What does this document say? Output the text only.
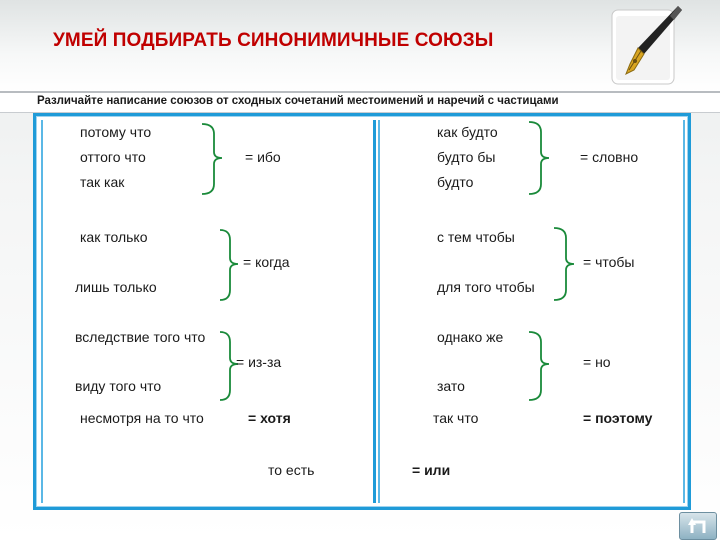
УМЕЙ ПОДБИРАТЬ СИНОНИМИЧНЫЕ СОЮЗЫ
Различайте написание союзов от сходных сочетаний местоимений и наречий с частицами
потому что
оттого что
так как
= ибо
как только
лишь только
= когда
вследствие того что
виду того что
= из-за
несмотря на то что	= хотя
то есть	= или
как будто
будто бы
будто
= словно
с тем чтобы
для того чтобы
= чтобы
однако же
зато
= но
так что	= поэтому
